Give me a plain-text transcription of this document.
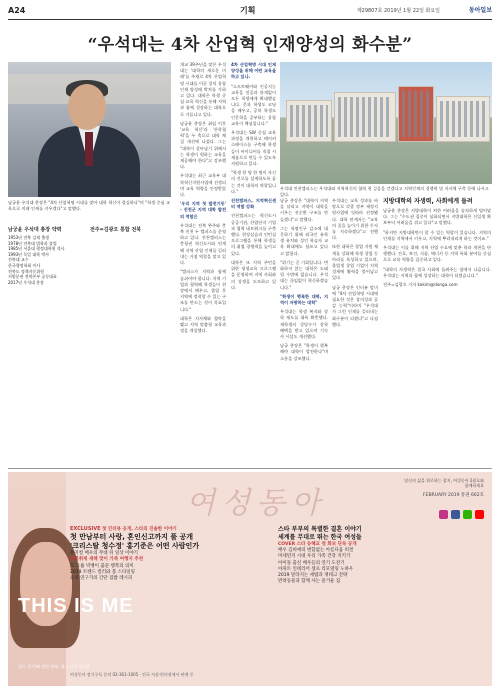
A24	기획	제29807호 2019년 1월 22일 화요일	동아일보
“우석대는 4차 산업혁 인재양성의 화수분”
남궁윤 우석대 총장은 "4차 산업혁명 시대를 맞아 대학 혁신이 절실하다"며 "학생 중심 교육으로 미래 인재를 키우겠다"고 말했다.
남궁윤 우석대 총장 약력	전주=김광오 통합 전북
1953년 전북 김제 출생
1978년 전북대 법학과 졸업
1985년 서울대 행정대학원 석사
1993년 독일 대학 박사
전북대 교수
한국행정학회 이사
전북도 정책자문위원
지방분권 전북본부 공동대표
2017년 우석대 총장

개교 39주년을 맞은 우석대는 '대학의 새로운 미래'를 주제로 4차 산업혁명 시대를 이끌 창의 융합 인재 양성에 박차를 가하고 있다. 대학은 학생 중심 교육 혁신을 통해 지역과 함께 성장하는 대학으로 거듭나고 있다.

남궁윤 총장은 취임 이후 '교육 혁신'과 '산학협력'을 두 축으로 대학 체질 개선에 나섰다. 그는 "대학이 살아남기 위해서는 학생이 원하는 교육을 제공해야 한다"고 강조했다.

우석대는 최근 교육부 대학혁신지원사업에 선정되며 교육 역량을 인정받았다.

'우리 지역 첫 발전기둥' - 진천군 지역 대학 발전의 역할은

우석대는 전북 완주와 충북 진천 두 캠퍼스를 운영하고 있다. 진천캠퍼스는 충청권 혁신도시와 연계해 지역 산업 인재를 길러내는 거점 역할을 맡고 있다.

"캠퍼스가 지역과 함께 숨쉬어야 합니다. 지역 기업과 협력해 학생들이 현장에서 배우고, 졸업 후 지역에 정착할 수 있는 구조를 만드는 것이 목표입니다."

대학은 지자체와 협약을 맺고 지역 맞춤형 교육과정을 개설했다.

4차 산업혁명 시대 인재 양성을 위해 어떤 교육을 하고 있나.

"소프트웨어와 인공지능 교육을 전공과 관계없이 모든 학생에게 확대했습니다. 문과 학생도 코딩을 배우고, 공학 학생도 인문학을 공부하는 융합 교육이 핵심입니다."

우석대는 SW 중심 교육과정을 개편하고 메이커 스페이스를 구축해 학생들이 아이디어를 직접 시제품으로 만들 수 있도록 지원하고 있다.

"학생 한 명 한 명이 자신의 진로를 설계하도록 돕는 것이 대학의 역할입니다."

진천캠퍼스, 지역혁신센터 역할 강화

진천캠퍼스는 혁신도시 공공기관, 산업단지 기업과 협력 네트워크를 구축했다. 현장실습과 인턴십 프로그램을 통해 학생들의 취업 경쟁력을 높이고 있다.

대학은 또 지역 주민을 위한 평생교육 프로그램을 운영하며 지역 사회와의 상생을 도모하고 있다.

우석대 진천캠퍼스는 우석대와 지역혁신의 협력 첫 걸음을 걷겠다고 지역인재의 경쟁력 및 지자체 구축 등에 나서고 있다.

남궁 총장은 "대학이 지역을 살리고 지역이 대학을 키우는 선순환 구조를 만들겠다"고 말했다.

그는 학령인구 감소에 대응하기 위해 외국인 유학생 유치와 성인 학습자 교육 확대에도 힘쓰고 있다고 밝혔다.

"위기는 곧 기회입니다. 변화하지 않는 대학은 도태될 수밖에 없습니다. 우석대는 끊임없이 혁신하겠습니다."

"학생이 행복한 대학, 지역이 자랑하는 대학"

우석대는 학생 복지와 장학 제도를 대폭 확충했다. 재학생의 상당수가 장학 혜택을 받고 있으며 기숙사 시설도 개선했다.

남궁 총장은 "학생이 행복해야 대학이 발전한다"며 소통을 강조했다.

우석대는 교육 성과를 바탕으로 각종 정부 재정지원사업에 잇따라 선정됐다. 대학 관계자는 "교육의 질을 높이기 위한 투자를 지속하겠다"고 전했다.

또한 대학은 창업 지원 체계를 강화해 학생 창업 동아리를 육성하고 있으며, 졸업생 창업 기업이 지역 경제에 활력을 불어넣고 있다.

남궁 총장은 인터뷰 말미에 "4차 산업혁명 시대에 필요한 것은 창의성과 공감 능력"이라며 "우석대가 그런 인재를 길러내는 화수분이 되겠다"고 다짐했다.

지방대학의 자생력, 사회에게 돌려

남궁윤 총장은 지방대학이 처한 어려움을 솔직하게 털어놨다. 그는 "수도권 집중이 심화되면서 지방대학은 신입생 확보부터 어려움을 겪고 있다"고 말했다.

"하지만 지방대학만이 할 수 있는 역할이 있습니다. 지역의 인재를 지역에서 키우고, 지역에 뿌리내리게 하는 것이죠."

우석대는 이를 위해 지역 산업 수요에 맞춘 학과 개편을 단행했다. 간호, 보건, 식품, 에너지 등 지역 특화 분야를 중심으로 교육 역량을 집중하고 있다.

"대학의 자생력은 결국 사회에 돌려주는 힘에서 나옵니다. 우석대는 지역과 함께 성장하는 대학이 되겠습니다."

전주=김광오 기자 kokim@donga.com

THIS IS ME
일이 세 번째 앨범 발매, 재기 선언 인터뷰
여성동아
당신의 삶을 위로하는 잡지, 여성동아 2월호와 함께하세요
FEBRUARY 2019 통권 662호
EXCLUSIVE 첫 인터뷰 공개, 스타의 진솔한 이야기
첫 만남부터 사랑, 혼인신고까지 풀 공개
'크리스탈 청수정' 홍기준은 어떤 사람인가
뮤지컬 배우의 무대 뒤 일상 이야기
특별취재 새해 맞이 가족 여행지 추천
꼬 그룹 빅뱅이 꿈꾼 행복의 의미
2019 트렌드 컬러와 봄 스타일링
요리 연구가의 간단 집밥 레시피
스타 부부의 특별한 결혼 이야기
세계를 무대로 뛰는 한국 여성들
COVER 스타 송혜교 첫 화보 단독 공개
배우 김희애의 변함없는 아름다움 비결
미세먼지 시대 우리 가족 건강 지키기
아이돌 출신 배우들의 연기 도전기
아파트 인테리어 셀프 리모델링 노하우
2019 달라지는 세법과 재테크 전략
반려동물과 함께 사는 즐거운 집
여성동아 정기구독 문의 02-361-1005 · 전국 서점·편의점에서 판매 중
